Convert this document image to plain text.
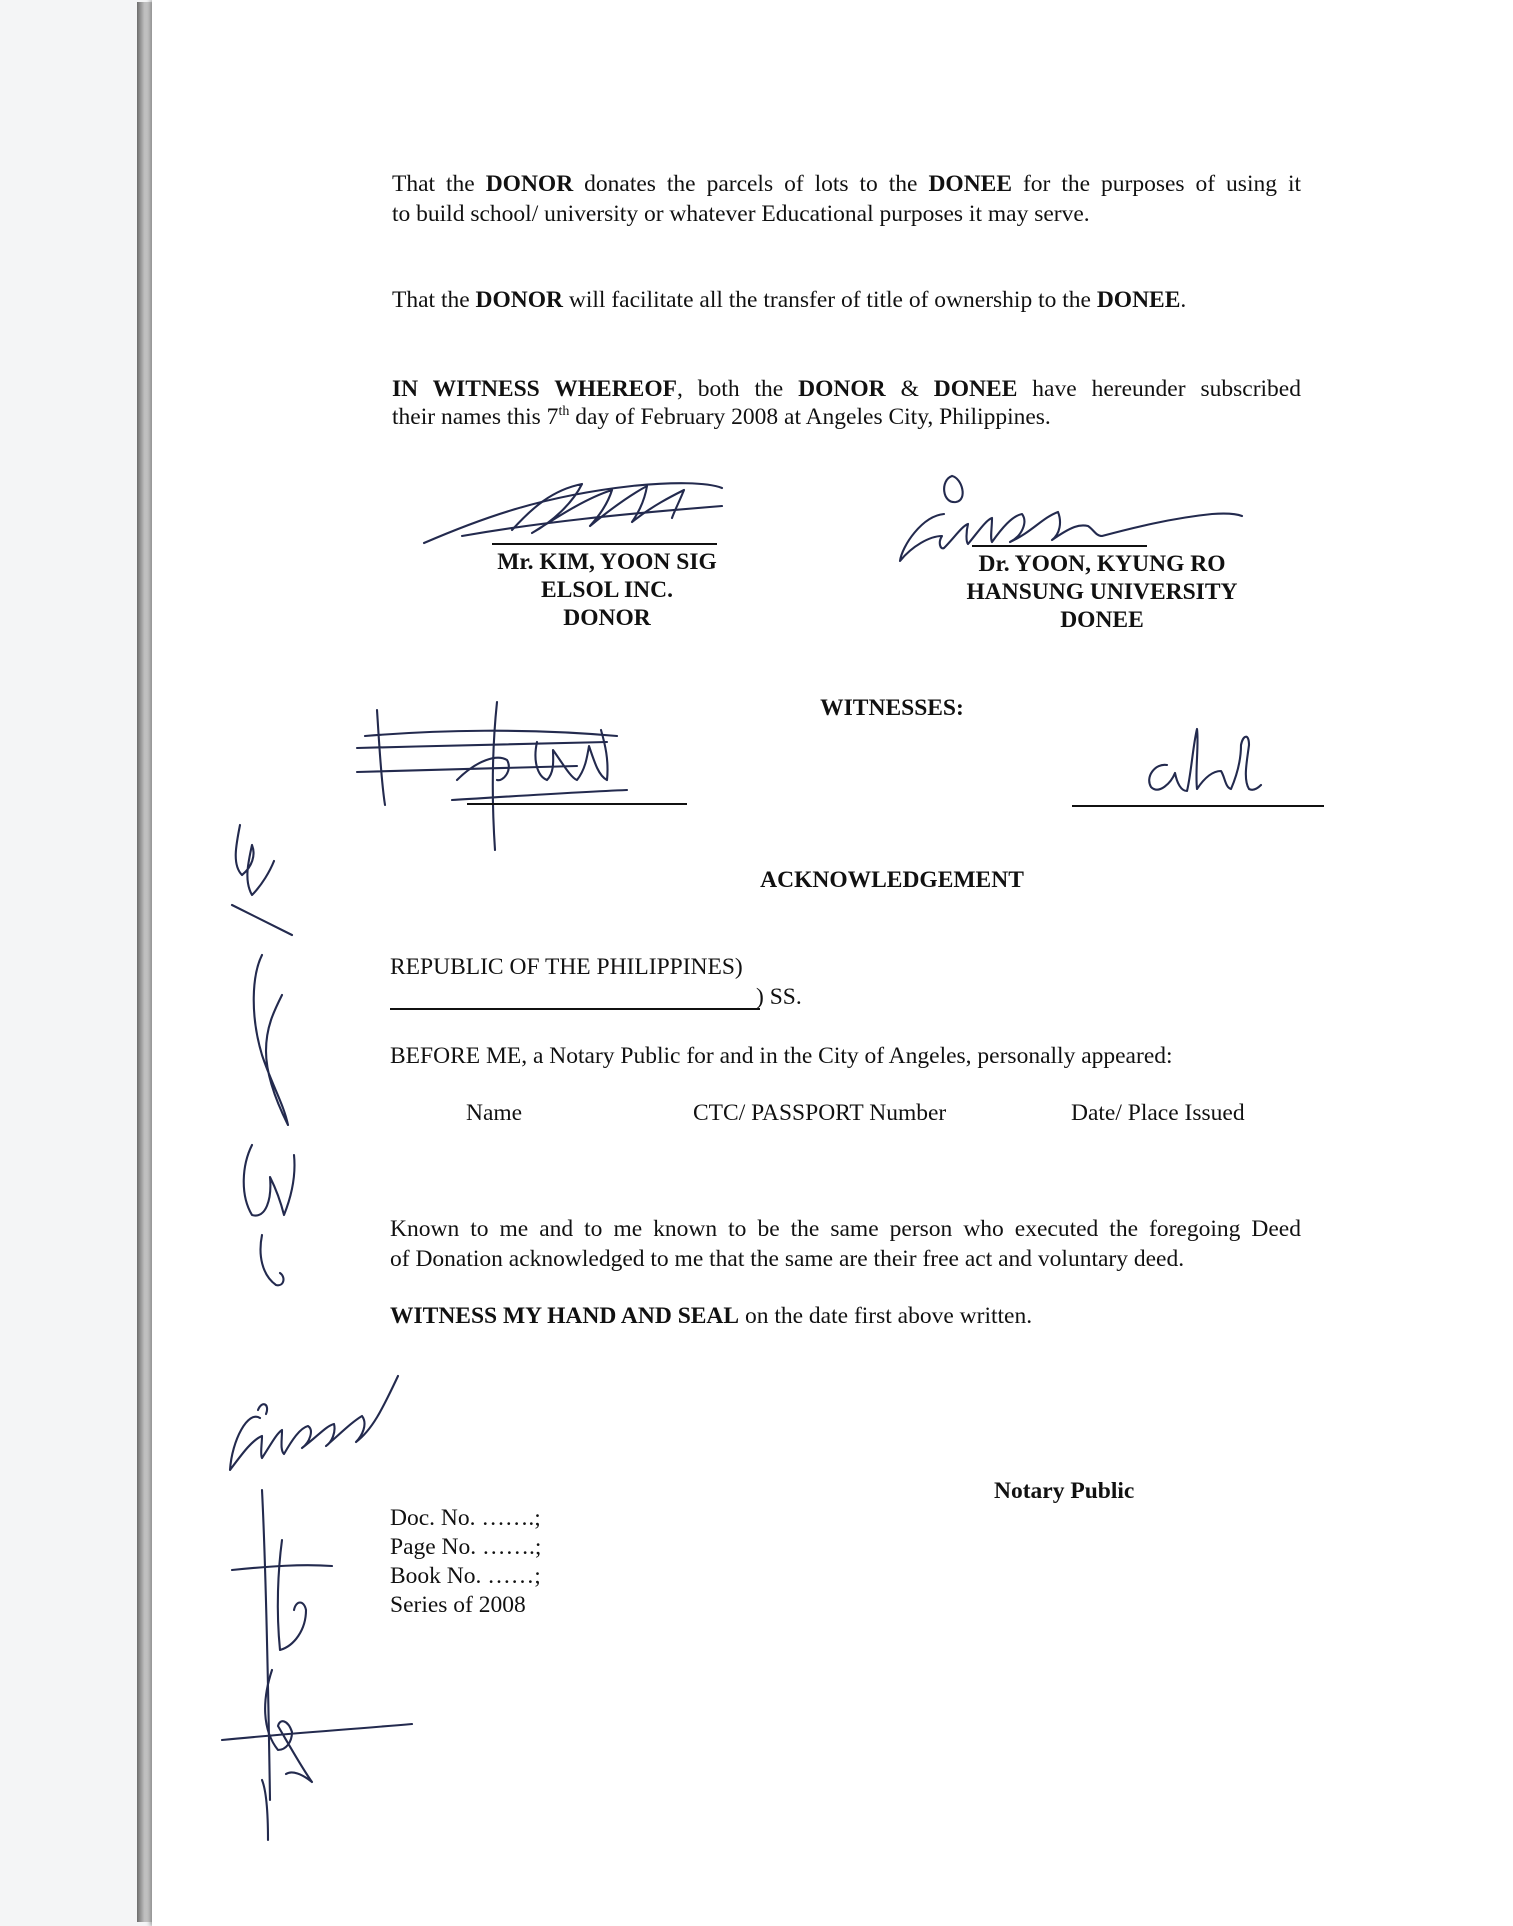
That the DONOR donates the parcels of lots to the DONEE for the purposes of using it
to build school/ university or whatever Educational purposes it may serve.
That the DONOR will facilitate all the transfer of title of ownership to the DONEE.
IN WITNESS WHEREOF, both the DONOR & DONEE have hereunder subscribed
their names this 7th day of February 2008 at Angeles City, Philippines.
Mr. KIM, YOON SIG
ELSOL INC.
DONOR
Dr. YOON, KYUNG RO
HANSUNG UNIVERSITY
DONEE
WITNESSES:
ACKNOWLEDGEMENT
REPUBLIC OF THE PHILIPPINES)
) SS.
BEFORE ME, a Notary Public for and in the City of Angeles, personally appeared:
Name	CTC/ PASSPORT Number	Date/ Place Issued
Known to me and to me known to be the same person who executed the foregoing Deed
of Donation acknowledged to me that the same are their free act and voluntary deed.
WITNESS MY HAND AND SEAL on the date first above written.
Notary Public
Doc. No. …….;
Page No. …….;
Book No. ……;
Series of 2008
